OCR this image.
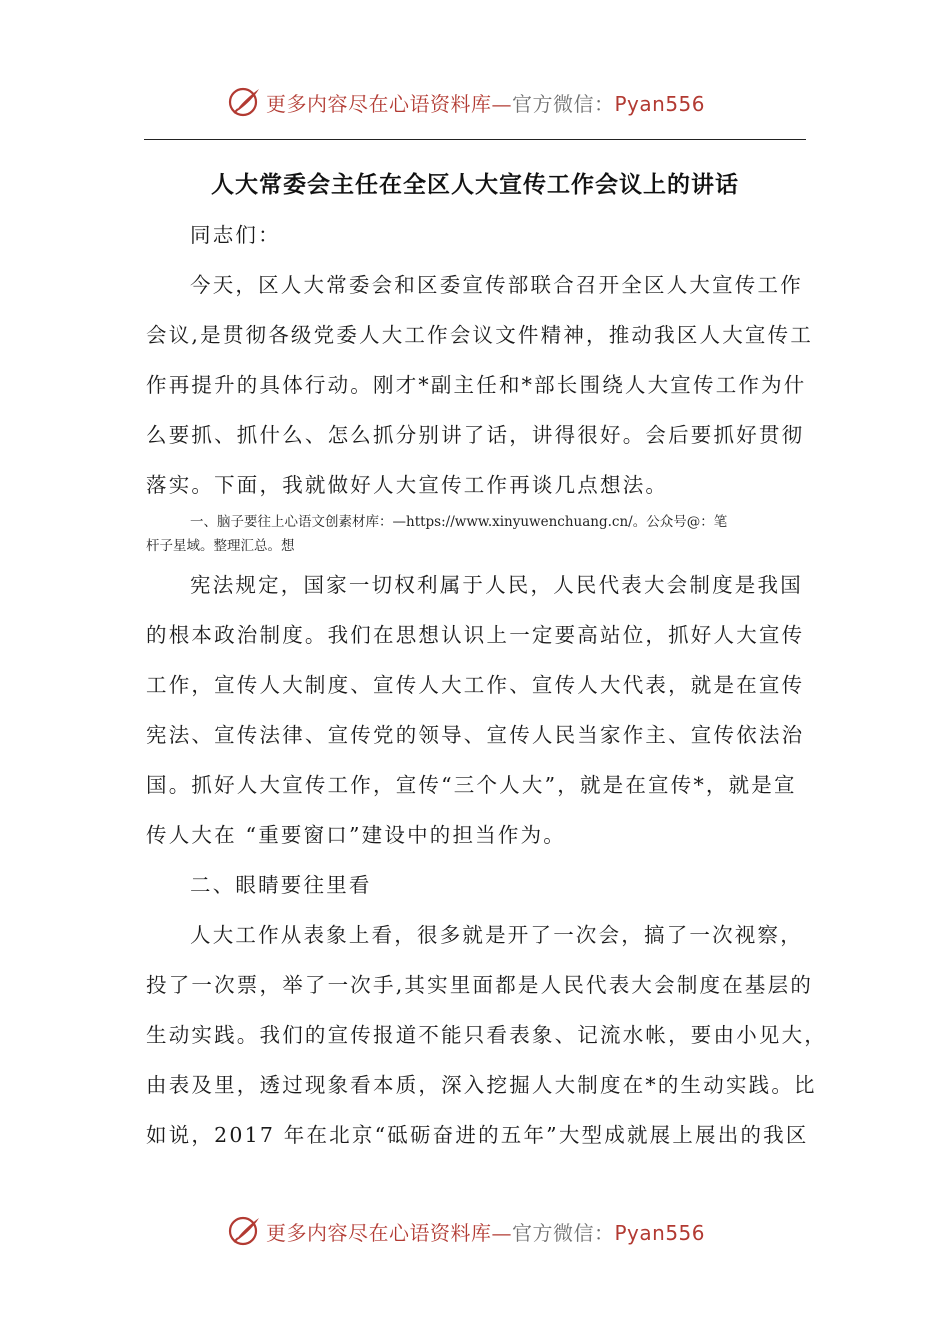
更多内容尽在心语资料库—官方微信：Pyan556
人大常委会主任在全区人大宣传工作会议上的讲话
同志们：
今天，区人大常委会和区委宣传部联合召开全区人大宣传工作
会议,是贯彻各级党委人大工作会议文件精神，推动我区人大宣传工
作再提升的具体行动。刚才*副主任和*部长围绕人大宣传工作为什
么要抓、抓什么、怎么抓分别讲了话，讲得很好。会后要抓好贯彻
落实。下面，我就做好人大宣传工作再谈几点想法。
一、脑子要往上心语文创素材库：—https://www.xinyuwenchuang.cn/。公众号@：笔
杆子星域。整理汇总。想
宪法规定，国家一切权利属于人民，人民代表大会制度是我国
的根本政治制度。我们在思想认识上一定要高站位，抓好人大宣传
工作，宣传人大制度、宣传人大工作、宣传人大代表，就是在宣传
宪法、宣传法律、宣传党的领导、宣传人民当家作主、宣传依法治
国。抓好人大宣传工作，宣传“三个人大”，就是在宣传*，就是宣
传人大在 “重要窗口”建设中的担当作为。
二、眼睛要往里看
人大工作从表象上看，很多就是开了一次会，搞了一次视察，
投了一次票，举了一次手,其实里面都是人民代表大会制度在基层的
生动实践。我们的宣传报道不能只看表象、记流水帐，要由小见大，
由表及里，透过现象看本质，深入挖掘人大制度在*的生动实践。比
如说，2017 年在北京“砥砺奋进的五年”大型成就展上展出的我区
更多内容尽在心语资料库—官方微信：Pyan556
